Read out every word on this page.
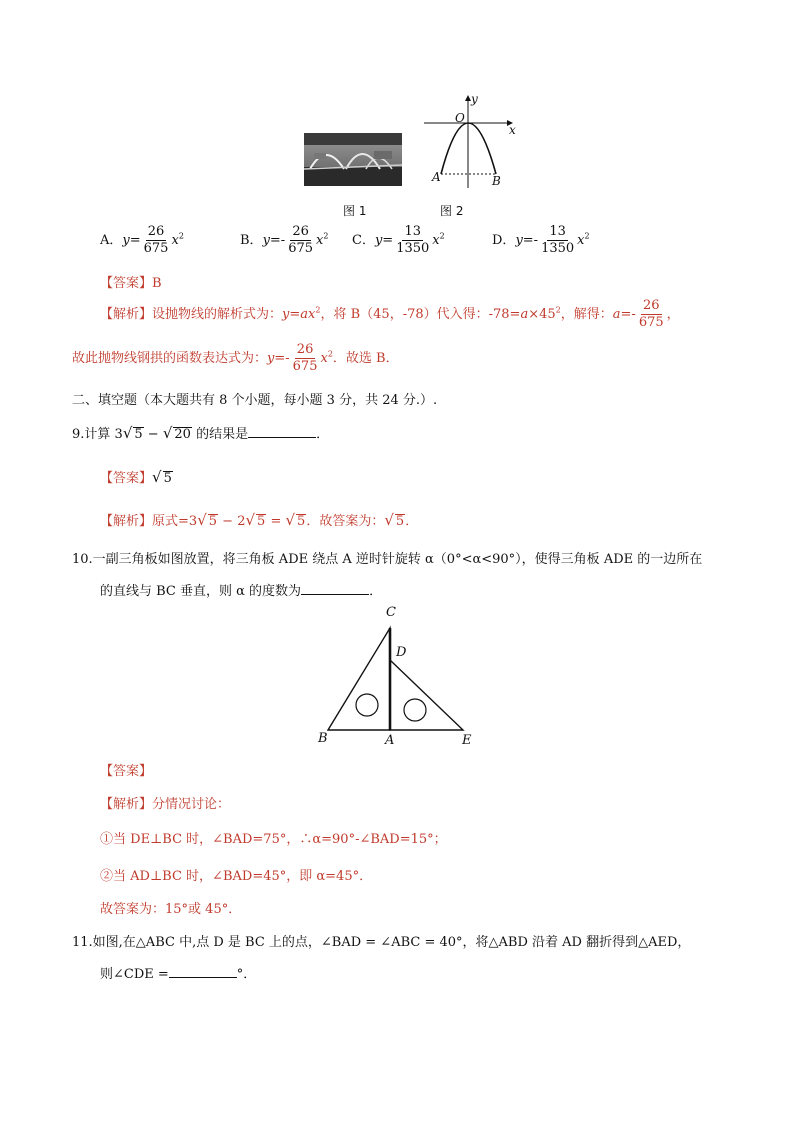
y
O
x
A	B
图 1	图 2
A．$y= \frac{26}{675} x^2$	B．$y=- \frac{26}{675} x^2$ C．$y= \frac{13}{1350} x^2$	D．$y=- \frac{13}{1350} x^2$
【答案】B
【解析】设抛物线的解析式为：$y=ax^2$，将 B（45，-78）代入得：$-78=a\times 45^2$，解得：$a=- \frac{26}{675}$ ，
故此抛物线钢拱的函数表达式为：$y=- \frac{26}{675} x^2$．故选 B．
二、填空题（本大题共有 8 个小题，每小题 3 分，共 24 分.）.
9.计算 3√ 5 − √ 20 的结果是	．
【答案】√ 5
【解析】原式=3√ 5 − 2√ 5 = √ 5．故答案为：√ 5．
10.一副三角板如图放置，将三角板 ADE 绕点 A 逆时针旋转 α（0°<α<90°），使得三角板 ADE 的一边所在
的直线与 BC 垂直，则 α 的度数为	．
C
D
B	A	E
【答案】
【解析】分情况讨论：
①当 DE⊥BC 时，∠BAD=75°，∴α=90°-∠BAD=15°；
②当 AD⊥BC 时，∠BAD=45°，即 α=45°．
故答案为：15°或 45°．
11.如图,在△ABC 中,点 D 是 BC 上的点，∠BAD = ∠ABC = 40°，将△ABD 沿着 AD 翻折得到△AED，
则∠CDE =	°．
